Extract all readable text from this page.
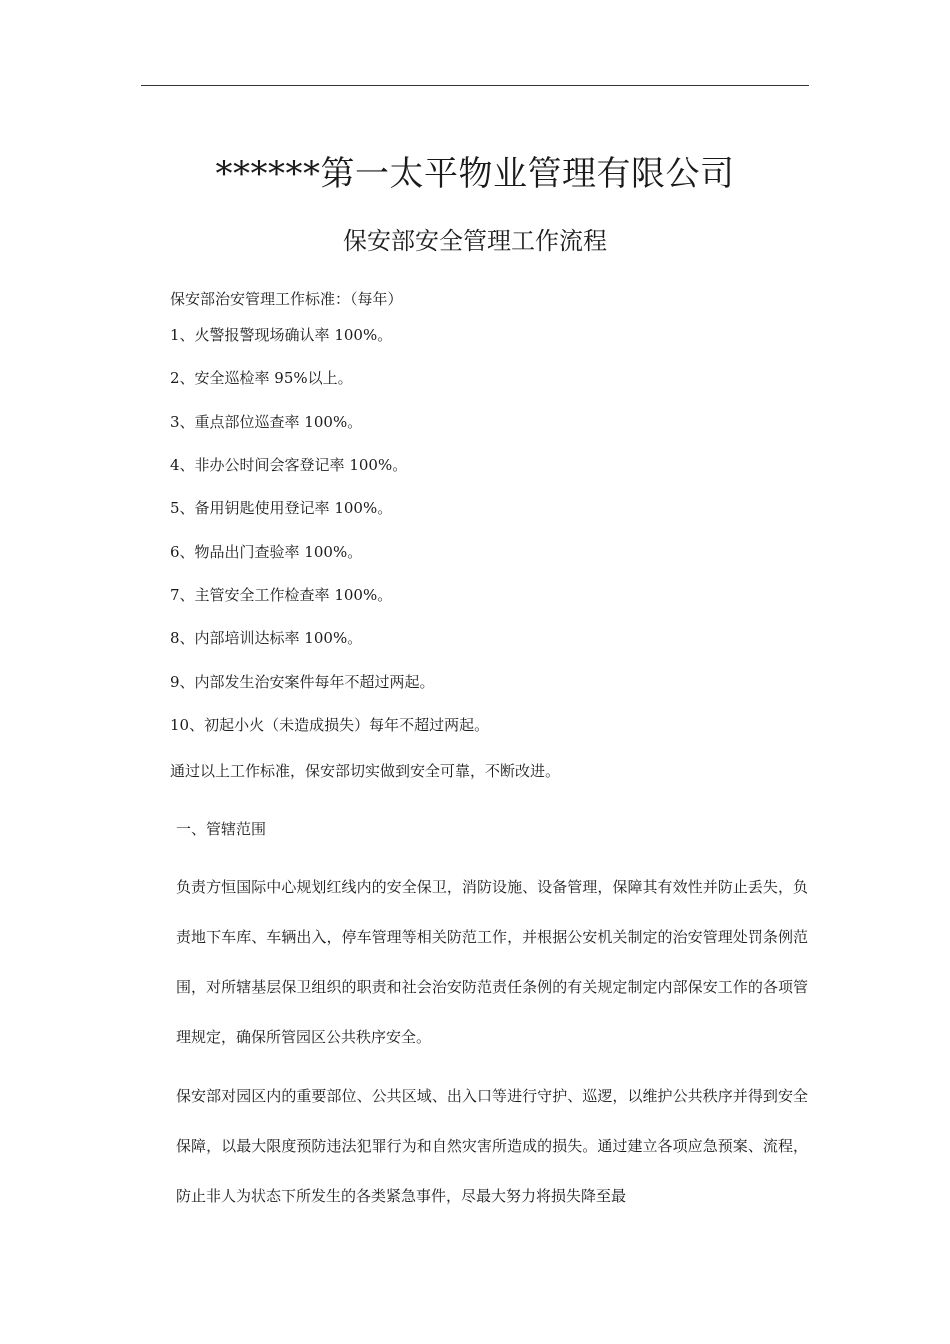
******第一太平物业管理有限公司
保安部安全管理工作流程
保安部治安管理工作标准：（每年）
1、火警报警现场确认率 100%。
2、安全巡检率 95%以上。
3、重点部位巡查率 100%。
4、非办公时间会客登记率 100%。
5、备用钥匙使用登记率 100%。
6、物品出门查验率 100%。
7、主管安全工作检查率 100%。
8、内部培训达标率 100%。
9、内部发生治安案件每年不超过两起。
10、初起小火（未造成损失）每年不超过两起。
通过以上工作标准，保安部切实做到安全可靠，不断改进。
一、管辖范围
负责方恒国际中心规划红线内的安全保卫，消防设施、设备管理，保障其有效性并防止丢失，负责地下车库、车辆出入，停车管理等相关防范工作，并根据公安机关制定的治安管理处罚条例范围，对所辖基层保卫组织的职责和社会治安防范责任条例的有关规定制定内部保安工作的各项管理规定，确保所管园区公共秩序安全。
保安部对园区内的重要部位、公共区域、出入口等进行守护、巡逻，以维护公共秩序并得到安全保障，以最大限度预防违法犯罪行为和自然灾害所造成的损失。通过建立各项应急预案、流程，防止非人为状态下所发生的各类紧急事件，尽最大努力将损失降至最
